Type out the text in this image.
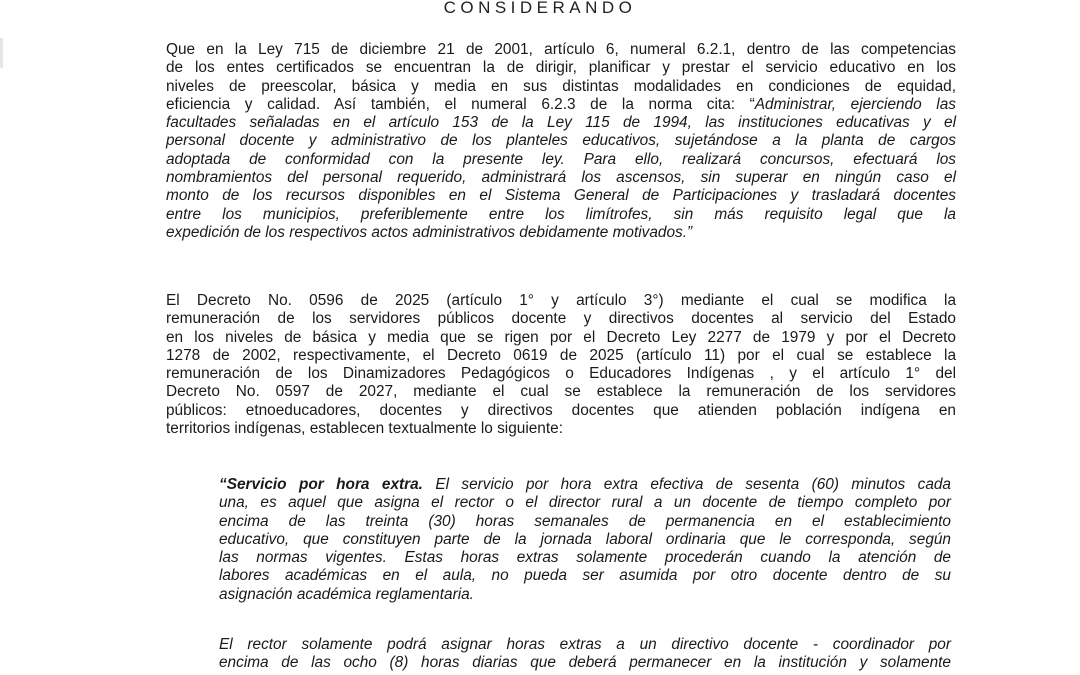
CONSIDERANDO
Que en la Ley 715 de diciembre 21 de 2001, artículo 6, numeral 6.2.1, dentro de las competencias
de los entes certificados se encuentran la de dirigir, planificar y prestar el servicio educativo en los
niveles de preescolar, básica y media en sus distintas modalidades en condiciones de equidad,
eficiencia y calidad. Así también, el numeral 6.2.3 de la norma cita: “Administrar, ejerciendo las
facultades señaladas en el artículo 153 de la Ley 115 de 1994, las instituciones educativas y el
personal docente y administrativo de los planteles educativos, sujetándose a la planta de cargos
adoptada de conformidad con la presente ley. Para ello, realizará concursos, efectuará los
nombramientos del personal requerido, administrará los ascensos, sin superar en ningún caso el
monto de los recursos disponibles en el Sistema General de Participaciones y trasladará docentes
entre los municipios, preferiblemente entre los limítrofes, sin más requisito legal que la
expedición de los respectivos actos administrativos debidamente motivados.”
El Decreto No. 0596 de 2025 (artículo 1° y artículo 3°) mediante el cual se modifica la
remuneración de los servidores públicos docente y directivos docentes al servicio del Estado
en los niveles de básica y media que se rigen por el Decreto Ley 2277 de 1979 y por el Decreto
1278 de 2002, respectivamente, el Decreto 0619 de 2025 (artículo 11) por el cual se establece la
remuneración de los Dinamizadores Pedagógicos o Educadores Indígenas , y el artículo 1° del
Decreto No. 0597 de 2027, mediante el cual se establece la remuneración de los servidores
públicos: etnoeducadores, docentes y directivos docentes que atienden población indígena en
territorios indígenas, establecen textualmente lo siguiente:
“Servicio por hora extra. El servicio por hora extra efectiva de sesenta (60) minutos cada
una, es aquel que asigna el rector o el director rural a un docente de tiempo completo por
encima de las treinta (30) horas semanales de permanencia en el establecimiento
educativo, que constituyen parte de la jornada laboral ordinaria que le corresponda, según
las normas vigentes. Estas horas extras solamente procederán cuando la atención de
labores académicas en el aula, no pueda ser asumida por otro docente dentro de su
asignación académica reglamentaria.
El rector solamente podrá asignar horas extras a un directivo docente - coordinador por
encima de las ocho (8) horas diarias que deberá permanecer en la institución y solamente
